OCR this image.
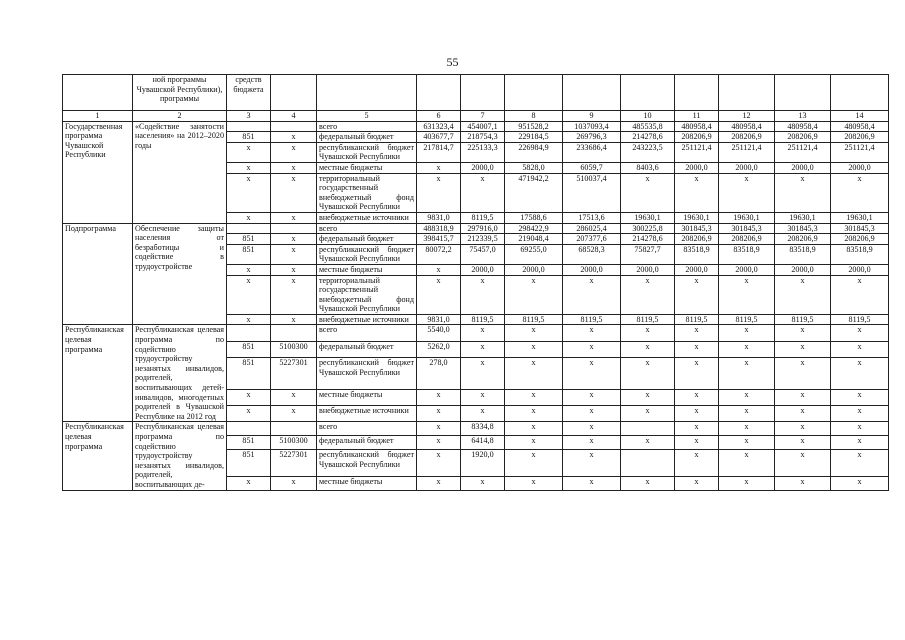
55
	ной программы Чувашской Республики), программы	средств бюджета											
1	2	3	4	5	6	7	8	9	10	11	12	13	14
Государственная программа Чувашской Республики	«Содействие занятости населения» на 2012–2020 годы			всего	631323,4	454007,1	951528,2	1037093,4	485535,8	480958,4	480958,4	480958,4	480958,4
		851	х	федеральный бюджет	403677,7	218754,3	229184,5	269796,3	214278,6	208206,9	208206,9	208206,9	208206,9
		х	х	республиканский бюджет Чувашской Республики	217814,7	225133,3	226984,9	233686,4	243223,5	251121,4	251121,4	251121,4	251121,4
		х	х	местные бюджеты	х	2000,0	5828,0	6059,7	8403,6	2000,0	2000,0	2000,0	2000,0
		х	х	территориальный государственный внебюджетный фонд Чувашской Республики	х	х	471942,2	510037,4	х	х	х	х	х
		х	х	внебюджетные источники	9831,0	8119,5	17588,6	17513,6	19630,1	19630,1	19630,1	19630,1	19630,1
Подпрограмма	Обеспечение защиты населения от безработицы и содействие в трудоустройстве			всего	488318,9	297916,0	298422,9	286025,4	300225,8	301845,3	301845,3	301845,3	301845,3
		851	х	федеральный бюджет	398415,7	212339,5	219048,4	207377,6	214278,6	208206,9	208206,9	208206,9	208206,9
		851	х	республиканский бюджет Чувашской Республики	80072,2	75457,0	69255,0	68528,3	75827,7	83518,9	83518,9	83518,9	83518,9
		х	х	местные бюджеты	х	2000,0	2000,0	2000,0	2000,0	2000,0	2000,0	2000,0	2000,0
		х	х	территориальный государственный внебюджетный фонд Чувашской Республики	х	х	х	х	х	х	х	х	х
		х	х	внебюджетные источники	9831,0	8119,5	8119,5	8119,5	8119,5	8119,5	8119,5	8119,5	8119,5
Республиканская целевая программа	Республиканская целевая программа по содействию трудоустройству незанятых инвалидов, родителей, воспитывающих детей-инвалидов, многодетных родителей в Чувашской Республике на 2012 год			всего	5540,0	х	х	х	х	х	х	х	х
		851	5100300	федеральный бюджет	5262,0	х	х	х	х	х	х	х	х
		851	5227301	республиканский бюджет Чувашской Республики	278,0	х	х	х	х	х	х	х	х
		х	х	местные бюджеты	х	х	х	х	х	х	х	х	х
		х	х	внебюджетные источники	х	х	х	х	х	х	х	х	х
Республиканская целевая программа	Республиканская целевая программа по содействию трудоустройству незанятых инвалидов, родителей, воспитывающих де-			всего	х	8334,8	х	х		х	х	х	х
		851	5100300	федеральный бюджет	х	6414,8	х	х	х	х	х	х	х
		851	5227301	республиканский бюджет Чувашской Республики	х	1920,0	х	х		х	х	х	х
		х	х	местные бюджеты	х	х	х	х	х	х	х	х	х
